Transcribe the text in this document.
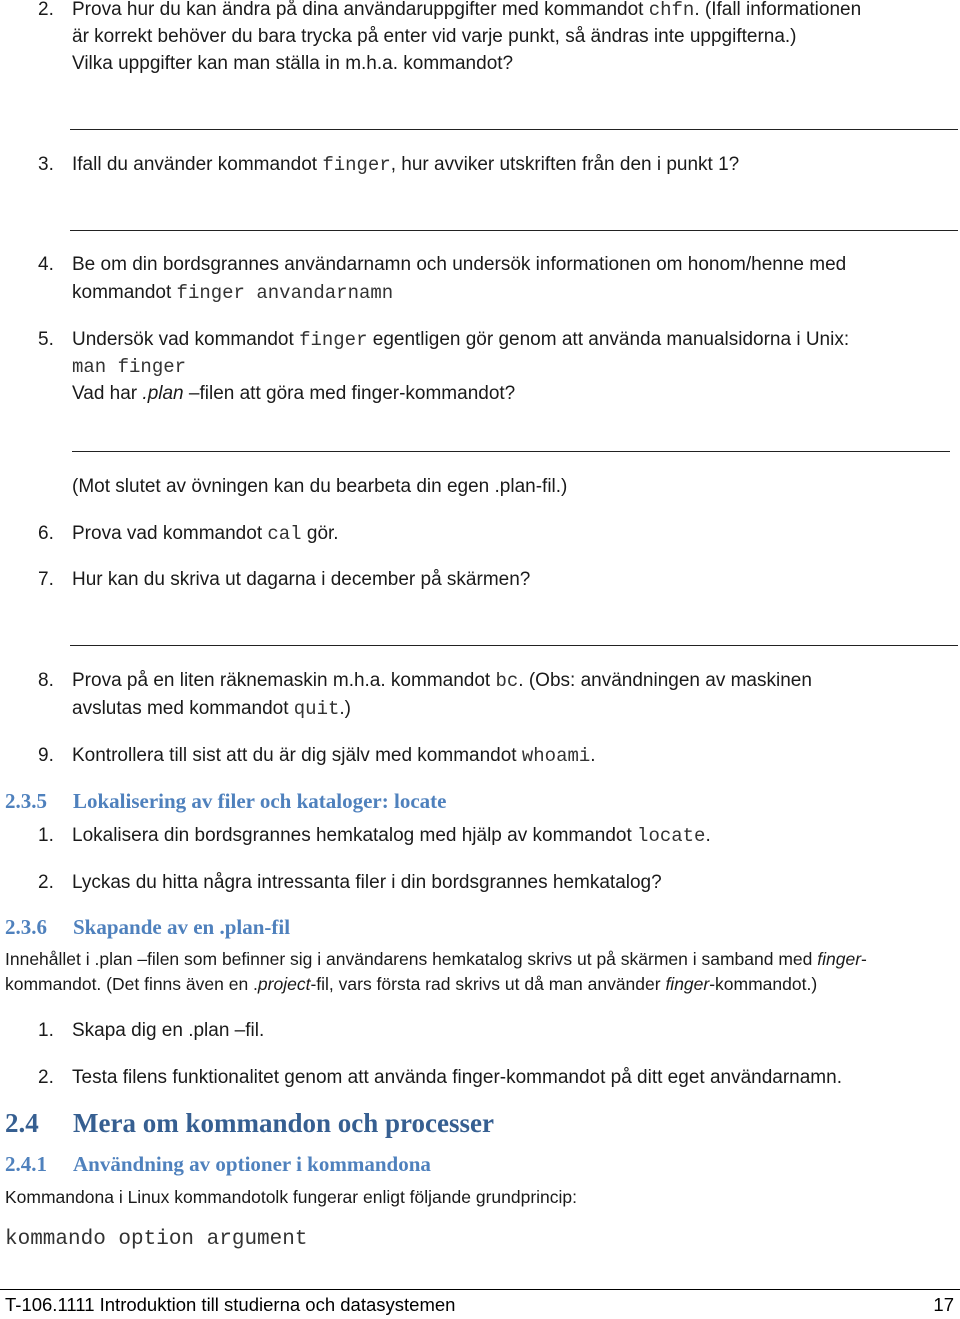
2. Prova hur du kan ändra på dina användaruppgifter med kommandot chfn. (Ifall informationen
är korrekt behöver du bara trycka på enter vid varje punkt, så ändras inte uppgifterna.)
Vilka uppgifter kan man ställa in m.h.a. kommandot?
3. Ifall du använder kommandot finger, hur avviker utskriften från den i punkt 1?
4. Be om din bordsgrannes användarnamn och undersök informationen om honom/henne med
kommandot finger anvandarnamn
5. Undersök vad kommandot finger egentligen gör genom att använda manualsidorna i Unix:
man finger
Vad har .plan –filen att göra med finger-kommandot?
(Mot slutet av övningen kan du bearbeta din egen .plan-fil.)
6. Prova vad kommandot cal gör.
7. Hur kan du skriva ut dagarna i december på skärmen?
8. Prova på en liten räknemaskin m.h.a. kommandot bc. (Obs: användningen av maskinen
avslutas med kommandot quit.)
9. Kontrollera till sist att du är dig själv med kommandot whoami.
2.3.5 Lokalisering av filer och kataloger: locate
1. Lokalisera din bordsgrannes hemkatalog med hjälp av kommandot locate.
2. Lyckas du hitta några intressanta filer i din bordsgrannes hemkatalog?
2.3.6 Skapande av en .plan-fil
Innehållet i .plan –filen som befinner sig i användarens hemkatalog skrivs ut på skärmen i samband med finger-
kommandot. (Det finns även en .project-fil, vars första rad skrivs ut då man använder finger-kommandot.)
1. Skapa dig en .plan –fil.
2. Testa filens funktionalitet genom att använda finger-kommandot på ditt eget användarnamn.
2.4 Mera om kommandon och processer
2.4.1 Användning av optioner i kommandona
Kommandona i Linux kommandotolk fungerar enligt följande grundprincip:
kommando option argument
T-106.1111 Introduktion till studierna och datasystemen	17
